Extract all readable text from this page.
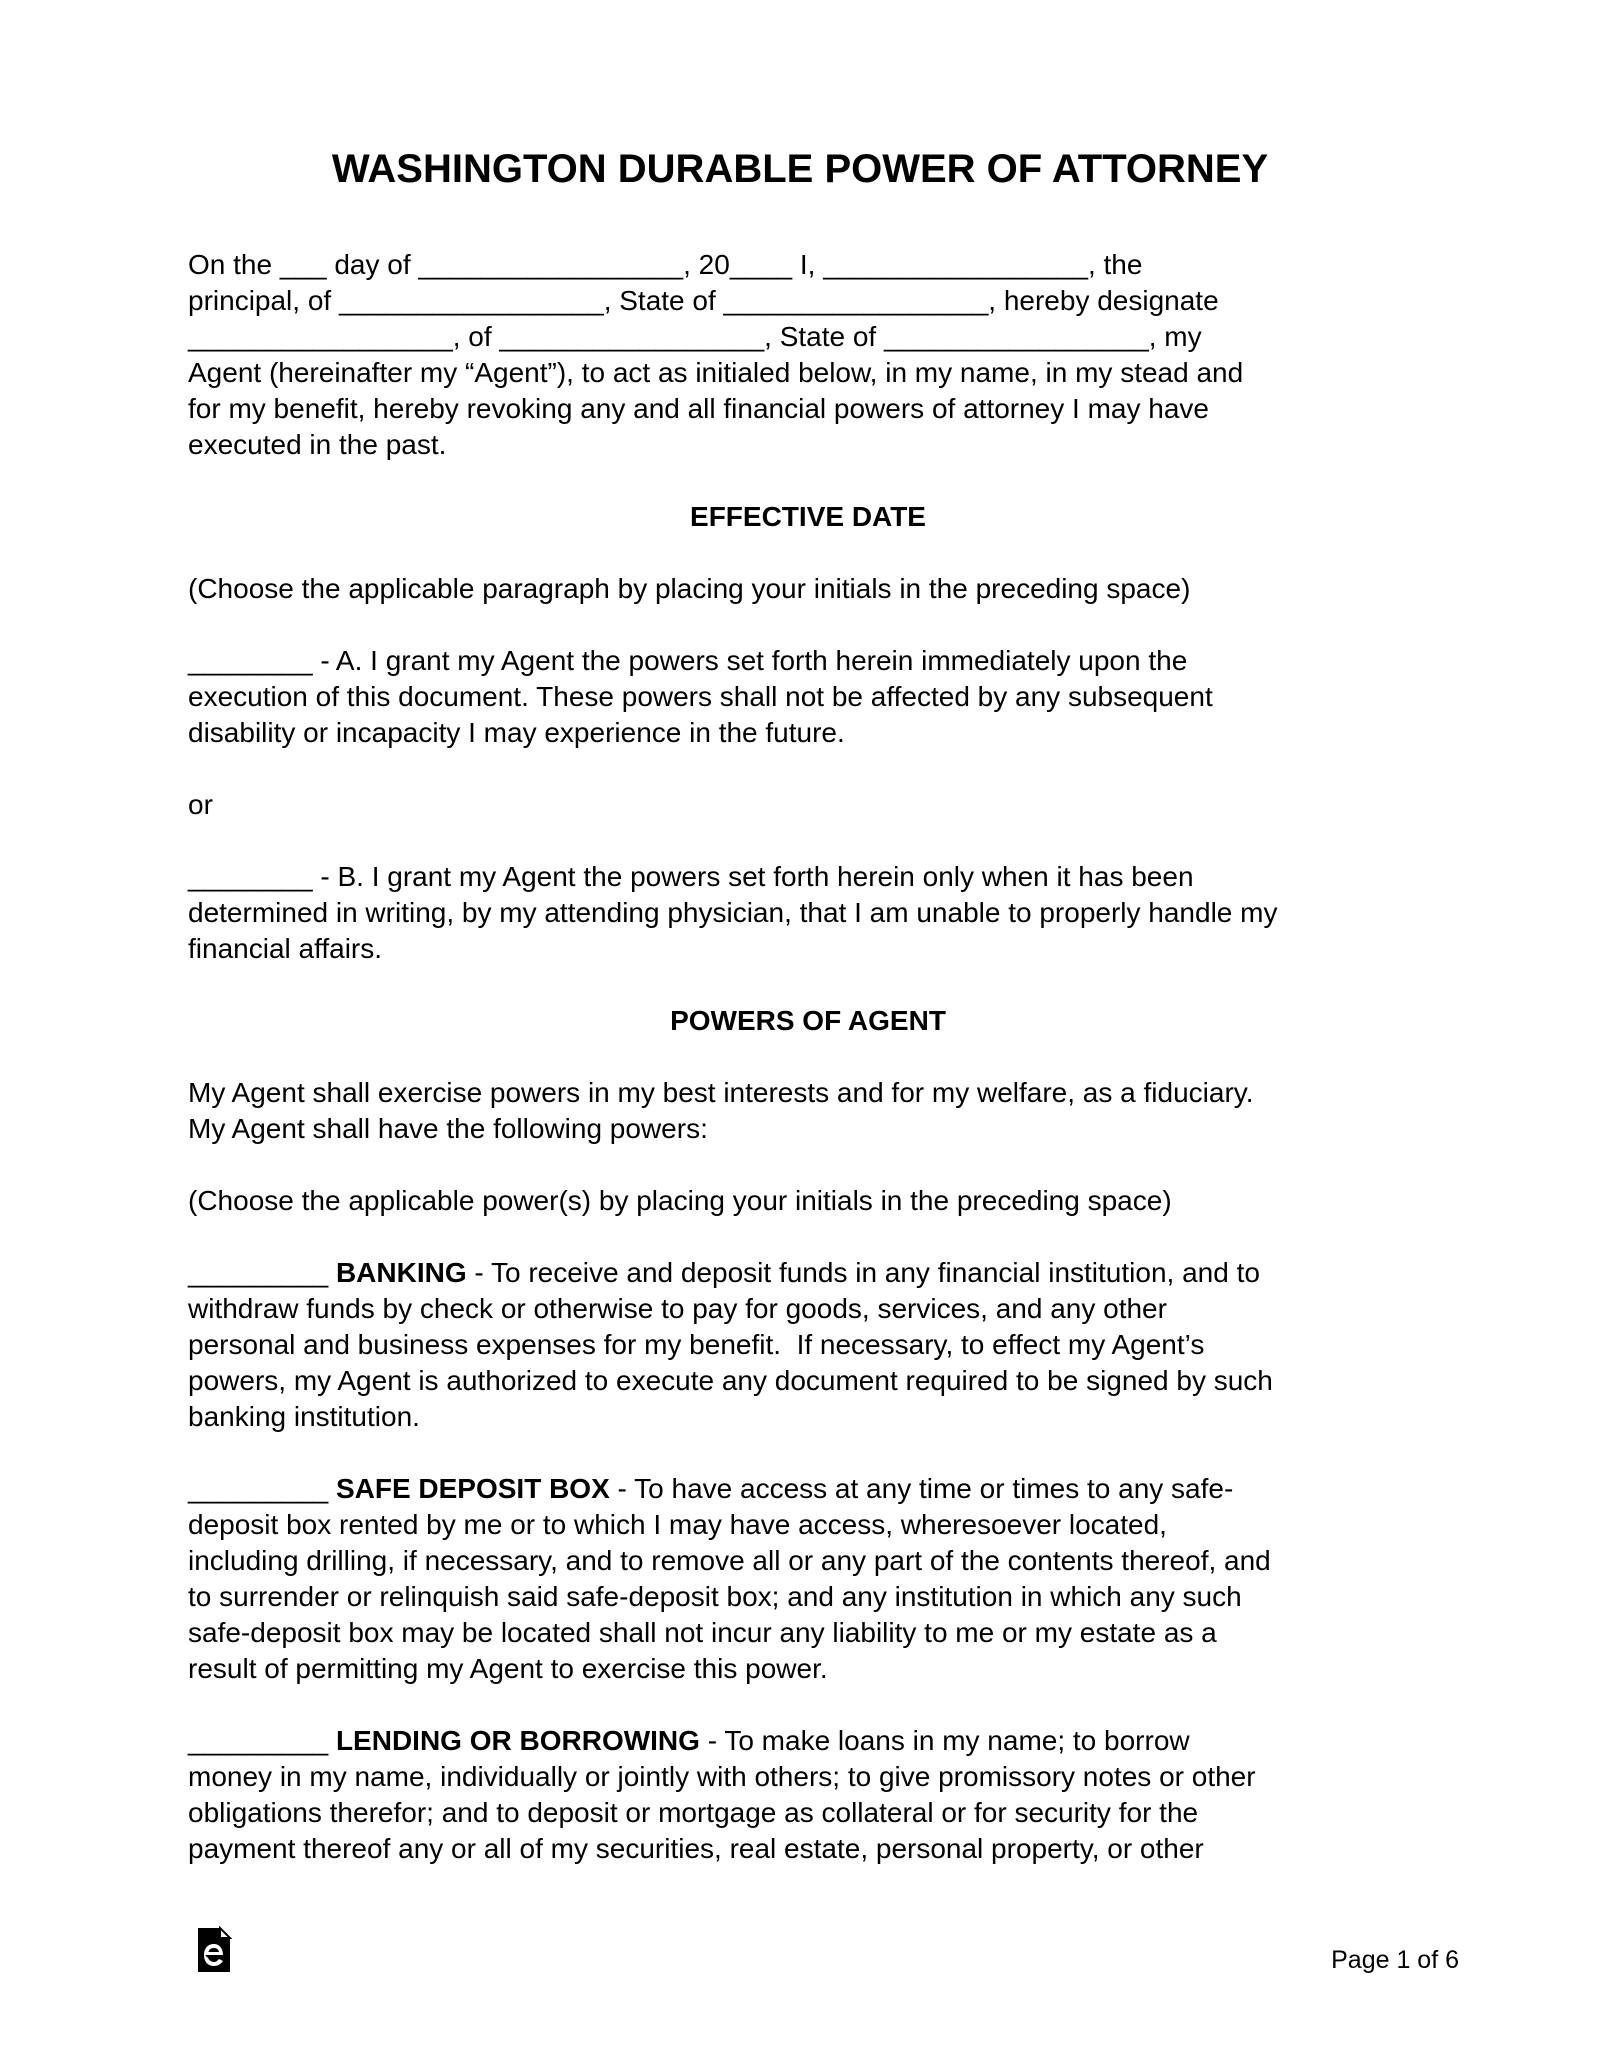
WASHINGTON DURABLE POWER OF ATTORNEY

On the ___ day of _________________, 20____ I, _________________, the
principal, of _________________, State of _________________, hereby designate
_________________, of _________________, State of _________________, my
Agent (hereinafter my “Agent”), to act as initialed below, in my name, in my stead and
for my benefit, hereby revoking any and all financial powers of attorney I may have
executed in the past.

EFFECTIVE DATE

(Choose the applicable paragraph by placing your initials in the preceding space)

________ - A. I grant my Agent the powers set forth herein immediately upon the
execution of this document. These powers shall not be affected by any subsequent
disability or incapacity I may experience in the future.

or

________ - B. I grant my Agent the powers set forth herein only when it has been
determined in writing, by my attending physician, that I am unable to properly handle my
financial affairs.

POWERS OF AGENT

My Agent shall exercise powers in my best interests and for my welfare, as a fiduciary.
My Agent shall have the following powers:

(Choose the applicable power(s) by placing your initials in the preceding space)

_________ BANKING - To receive and deposit funds in any financial institution, and to
withdraw funds by check or otherwise to pay for goods, services, and any other
personal and business expenses for my benefit.  If necessary, to effect my Agent’s
powers, my Agent is authorized to execute any document required to be signed by such
banking institution.

_________ SAFE DEPOSIT BOX - To have access at any time or times to any safe-
deposit box rented by me or to which I may have access, wheresoever located,
including drilling, if necessary, and to remove all or any part of the contents thereof, and
to surrender or relinquish said safe-deposit box; and any institution in which any such
safe-deposit box may be located shall not incur any liability to me or my estate as a
result of permitting my Agent to exercise this power.

_________ LENDING OR BORROWING - To make loans in my name; to borrow
money in my name, individually or jointly with others; to give promissory notes or other
obligations therefor; and to deposit or mortgage as collateral or for security for the
payment thereof any or all of my securities, real estate, personal property, or other

Page 1 of 6
